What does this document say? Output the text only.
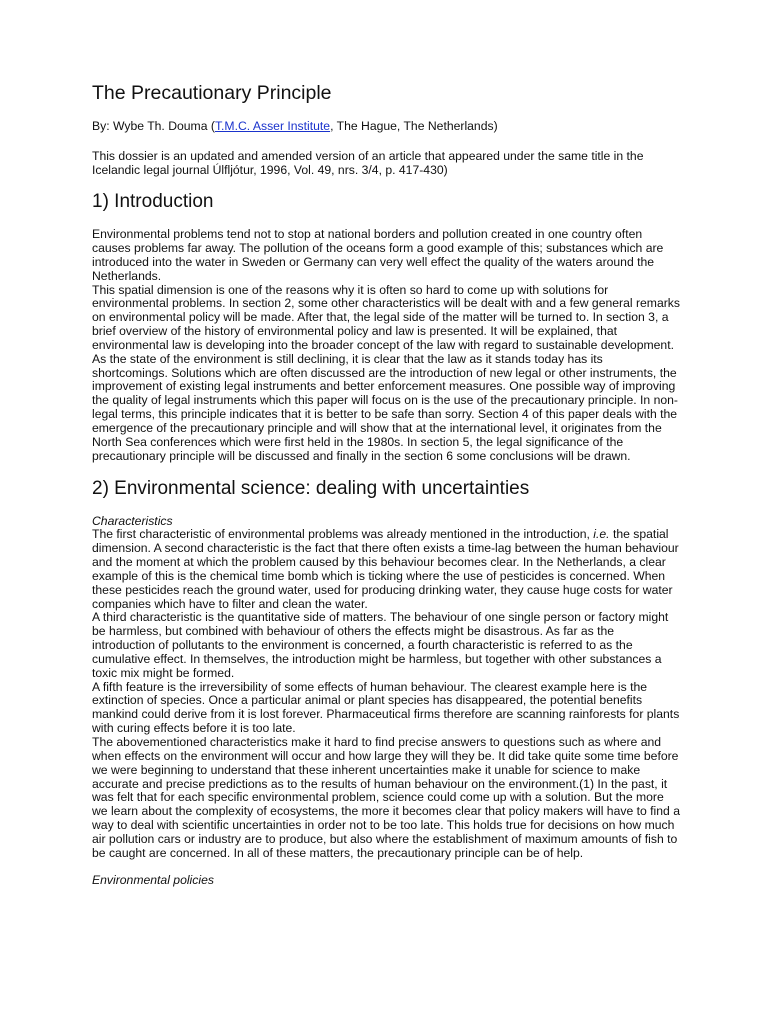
The Precautionary Principle

By: Wybe Th. Douma (T.M.C. Asser Institute, The Hague, The Netherlands)

This dossier is an updated and amended version of an article that appeared under the same title in the Icelandic legal journal Úlfljótur, 1996, Vol. 49, nrs. 3/4, p. 417-430)

1) Introduction

Environmental problems tend not to stop at national borders and pollution created in one country often causes problems far away. The pollution of the oceans form a good example of this; substances which are introduced into the water in Sweden or Germany can very well effect the quality of the waters around the Netherlands.

This spatial dimension is one of the reasons why it is often so hard to come up with solutions for environmental problems. In section 2, some other characteristics will be dealt with and a few general remarks on environmental policy will be made. After that, the legal side of the matter will be turned to. In section 3, a brief overview of the history of environmental policy and law is presented. It will be explained, that environmental law is developing into the broader concept of the law with regard to sustainable development.

As the state of the environment is still declining, it is clear that the law as it stands today has its shortcomings. Solutions which are often discussed are the introduction of new legal or other instruments, the improvement of existing legal instruments and better enforcement measures. One possible way of improving the quality of legal instruments which this paper will focus on is the use of the precautionary principle. In non-legal terms, this principle indicates that it is better to be safe than sorry. Section 4 of this paper deals with the emergence of the precautionary principle and will show that at the international level, it originates from the North Sea conferences which were first held in the 1980s. In section 5, the legal significance of the precautionary principle will be discussed and finally in the section 6 some conclusions will be drawn.

2) Environmental science: dealing with uncertainties

Characteristics

The first characteristic of environmental problems was already mentioned in the introduction, i.e. the spatial dimension. A second characteristic is the fact that there often exists a time-lag between the human behaviour and the moment at which the problem caused by this behaviour becomes clear. In the Netherlands, a clear example of this is the chemical time bomb which is ticking where the use of pesticides is concerned. When these pesticides reach the ground water, used for producing drinking water, they cause huge costs for water companies which have to filter and clean the water.

A third characteristic is the quantitative side of matters. The behaviour of one single person or factory might be harmless, but combined with behaviour of others the effects might be disastrous. As far as the introduction of pollutants to the environment is concerned, a fourth characteristic is referred to as the cumulative effect. In themselves, the introduction might be harmless, but together with other substances a toxic mix might be formed.

A fifth feature is the irreversibility of some effects of human behaviour. The clearest example here is the extinction of species. Once a particular animal or plant species has disappeared, the potential benefits mankind could derive from it is lost forever. Pharmaceutical firms therefore are scanning rainforests for plants with curing effects before it is too late.

The abovementioned characteristics make it hard to find precise answers to questions such as where and when effects on the environment will occur and how large they will they be. It did take quite some time before we were beginning to understand that these inherent uncertainties make it unable for science to make accurate and precise predictions as to the results of human behaviour on the environment.(1) In the past, it was felt that for each specific environmental problem, science could come up with a solution. But the more we learn about the complexity of ecosystems, the more it becomes clear that policy makers will have to find a way to deal with scientific uncertainties in order not to be too late. This holds true for decisions on how much air pollution cars or industry are to produce, but also where the establishment of maximum amounts of fish to be caught are concerned. In all of these matters, the precautionary principle can be of help.

Environmental policies
